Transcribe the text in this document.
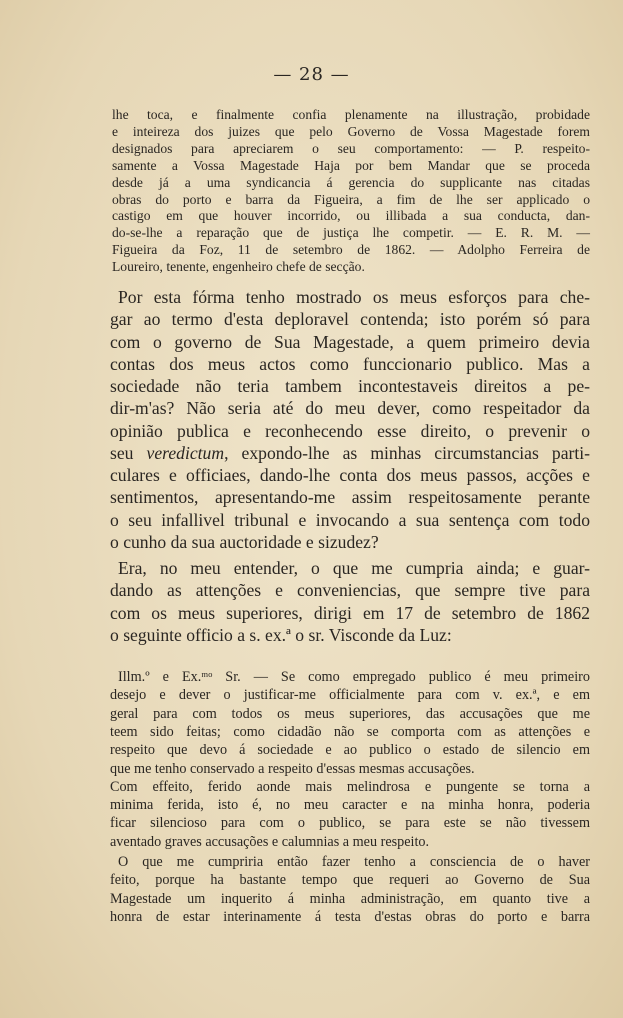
— 28 —
lhe toca, e finalmente confia plenamente na illustração, probidade
e inteireza dos juizes que pelo Governo de Vossa Magestade forem
designados para apreciarem o seu comportamento: — P. respeito-
samente a Vossa Magestade Haja por bem Mandar que se proceda
desde já a uma syndicancia á gerencia do supplicante nas citadas
obras do porto e barra da Figueira, a fim de lhe ser applicado o
castigo em que houver incorrido, ou illibada a sua conducta, dan-
do-se-lhe a reparação que de justiça lhe competir. — E. R. M. —
Figueira da Foz, 11 de setembro de 1862. — Adolpho Ferreira de
Loureiro, tenente, engenheiro chefe de secção.
Por esta fórma tenho mostrado os meus esforços para che-
gar ao termo d'esta deploravel contenda; isto porém só para
com o governo de Sua Magestade, a quem primeiro devia
contas dos meus actos como funccionario publico. Mas a
sociedade não teria tambem incontestaveis direitos a pe-
dir-m'as? Não seria até do meu dever, como respeitador da
opinião publica e reconhecendo esse direito, o prevenir o
seu veredictum, expondo-lhe as minhas circumstancias parti-
culares e officiaes, dando-lhe conta dos meus passos, acções e
sentimentos, apresentando-me assim respeitosamente perante
o seu infallivel tribunal e invocando a sua sentença com todo
o cunho da sua auctoridade e sizudez?
Era, no meu entender, o que me cumpria ainda; e guar-
dando as attenções e conveniencias, que sempre tive para
com os meus superiores, dirigi em 17 de setembro de 1862
o seguinte officio a s. ex.ª o sr. Visconde da Luz:
Illm.º e Ex.ᵐᵒ Sr. — Se como empregado publico é meu primeiro
desejo e dever o justificar-me officialmente para com v. ex.ª, e em
geral para com todos os meus superiores, das accusações que me
teem sido feitas; como cidadão não se comporta com as attenções e
respeito que devo á sociedade e ao publico o estado de silencio em
que me tenho conservado a respeito d'essas mesmas accusações.
Com effeito, ferido aonde mais melindrosa e pungente se torna a
minima ferida, isto é, no meu caracter e na minha honra, poderia
ficar silencioso para com o publico, se para este se não tivessem
aventado graves accusações e calumnias a meu respeito.
O que me cumpriria então fazer tenho a consciencia de o haver
feito, porque ha bastante tempo que requeri ao Governo de Sua
Magestade um inquerito á minha administração, em quanto tive a
honra de estar interinamente á testa d'estas obras do porto e barra
